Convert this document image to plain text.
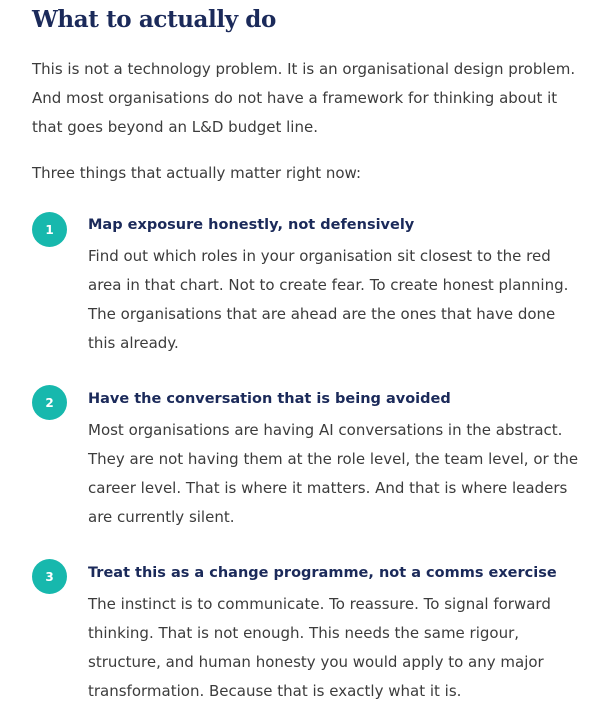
What to actually do

This is not a technology problem. It is an organisational design problem. And most organisations do not have a framework for thinking about it that goes beyond an L&D budget line.

Three things that actually matter right now:

1	Map exposure honestly, not defensively

Find out which roles in your organisation sit closest to the red area in that chart. Not to create fear. To create honest planning. The organisations that are ahead are the ones that have done this already.

2	Have the conversation that is being avoided

Most organisations are having AI conversations in the abstract. They are not having them at the role level, the team level, or the career level. That is where it matters. And that is where leaders are currently silent.

3	Treat this as a change programme, not a comms exercise

The instinct is to communicate. To reassure. To signal forward thinking. That is not enough. This needs the same rigour, structure, and human honesty you would apply to any major transformation. Because that is exactly what it is.
